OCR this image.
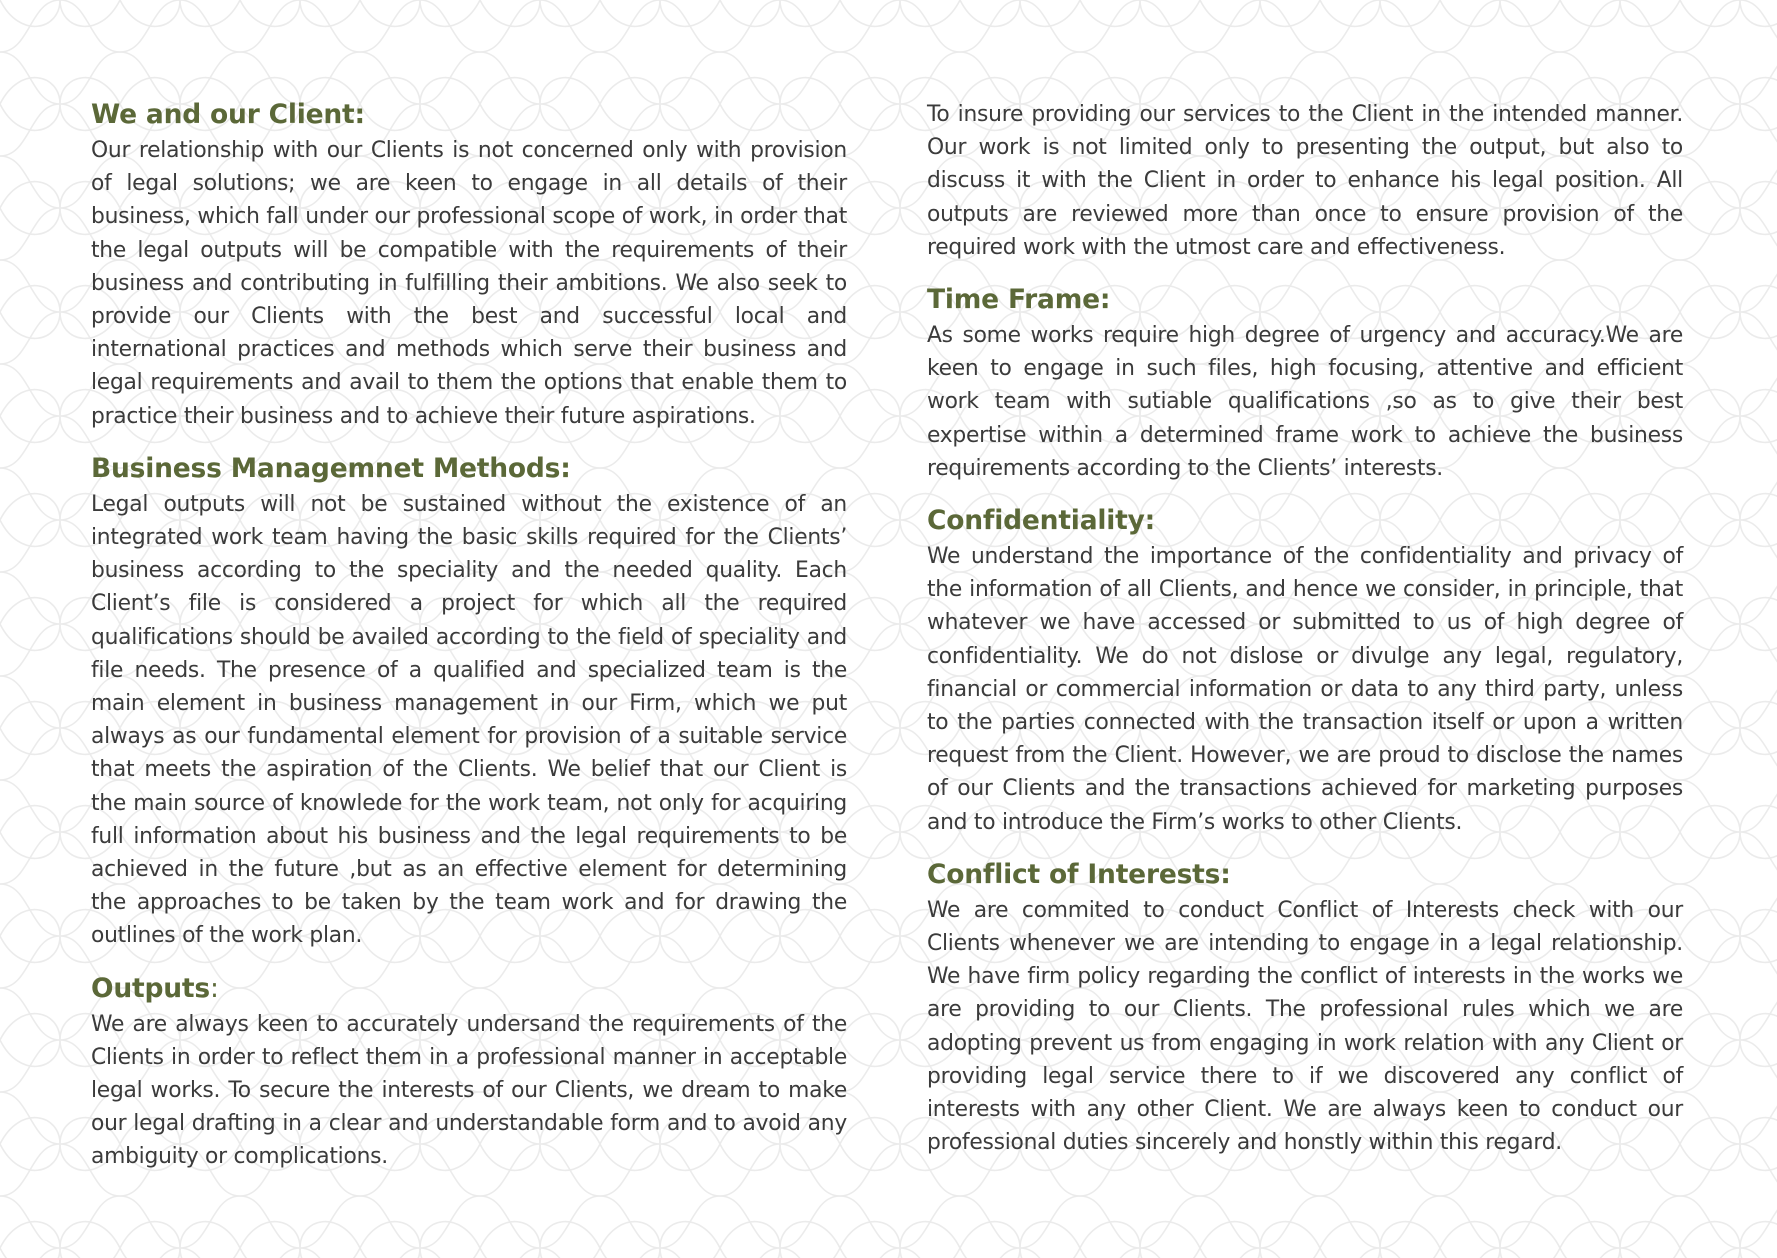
We and our Client:

Our relationship with our Clients is not concerned only with provision of legal solutions; we are keen to engage in all details of their business, which fall under our professional scope of work, in order that the legal outputs will be compatible with the requirements of their business and contributing in fulfilling their ambitions. We also seek to provide our Clients with the best and successful local and international practices and methods which serve their business and legal requirements and avail to them the options that enable them to practice their business and to achieve their future aspirations.

Business Managemnet Methods:

Legal outputs will not be sustained without the existence of an integrated work team having the basic skills required for the Clients’ business according to the speciality and the needed quality. Each Client’s file is considered a project for which all the required qualifications should be availed according to the field of speciality and file needs. The presence of a qualified and specialized team is the main element in business management in our Firm, which we put always as our fundamental element for provision of a suitable service that meets the aspiration of the Clients. We belief that our Client is the main source of knowlede for the work team, not only for acquiring full information about his business and the legal requirements to be achieved in the future ,but as an effective element for determining the approaches to be taken by the team work and for drawing the outlines of the work plan.

Outputs:

We are always keen to accurately undersand the requirements of the Clients in order to reflect them in a professional manner in acceptable legal works. To secure the interests of our Clients, we dream to make our legal drafting in a clear and understandable form and to avoid any ambiguity or complications.

To insure providing our services to the Client in the intended manner. Our work is not limited only to presenting the output, but also to discuss it with the Client in order to enhance his legal position. All outputs are reviewed more than once to ensure provision of the required work with the utmost care and effectiveness.

Time Frame:

As some works require high degree of urgency and accuracy.We are keen to engage in such files, high focusing, attentive and efficient work team with sutiable qualifications ,so as to give their best expertise within a determined frame work to achieve the business requirements according to the Clients’ interests.

Confidentiality:

We understand the importance of the confidentiality and privacy of the information of all Clients, and hence we consider, in principle, that whatever we have accessed or submitted to us of high degree of confidentiality. We do not dislose or divulge any legal, regulatory, financial or commercial information or data to any third party, unless to the parties connected with the transaction itself or upon a written request from the Client. However, we are proud to disclose the names of our Clients and the transactions achieved for marketing purposes and to introduce the Firm’s works to other Clients.

Conflict of Interests:

We are commited to conduct Conflict of Interests check with our Clients whenever we are intending to engage in a legal relationship. We have firm policy regarding the conflict of interests in the works we are providing to our Clients. The professional rules which we are adopting prevent us from engaging in work relation with any Client or providing legal service there to if we discovered any conflict of interests with any other Client. We are always keen to conduct our professional duties sincerely and honstly within this regard.
